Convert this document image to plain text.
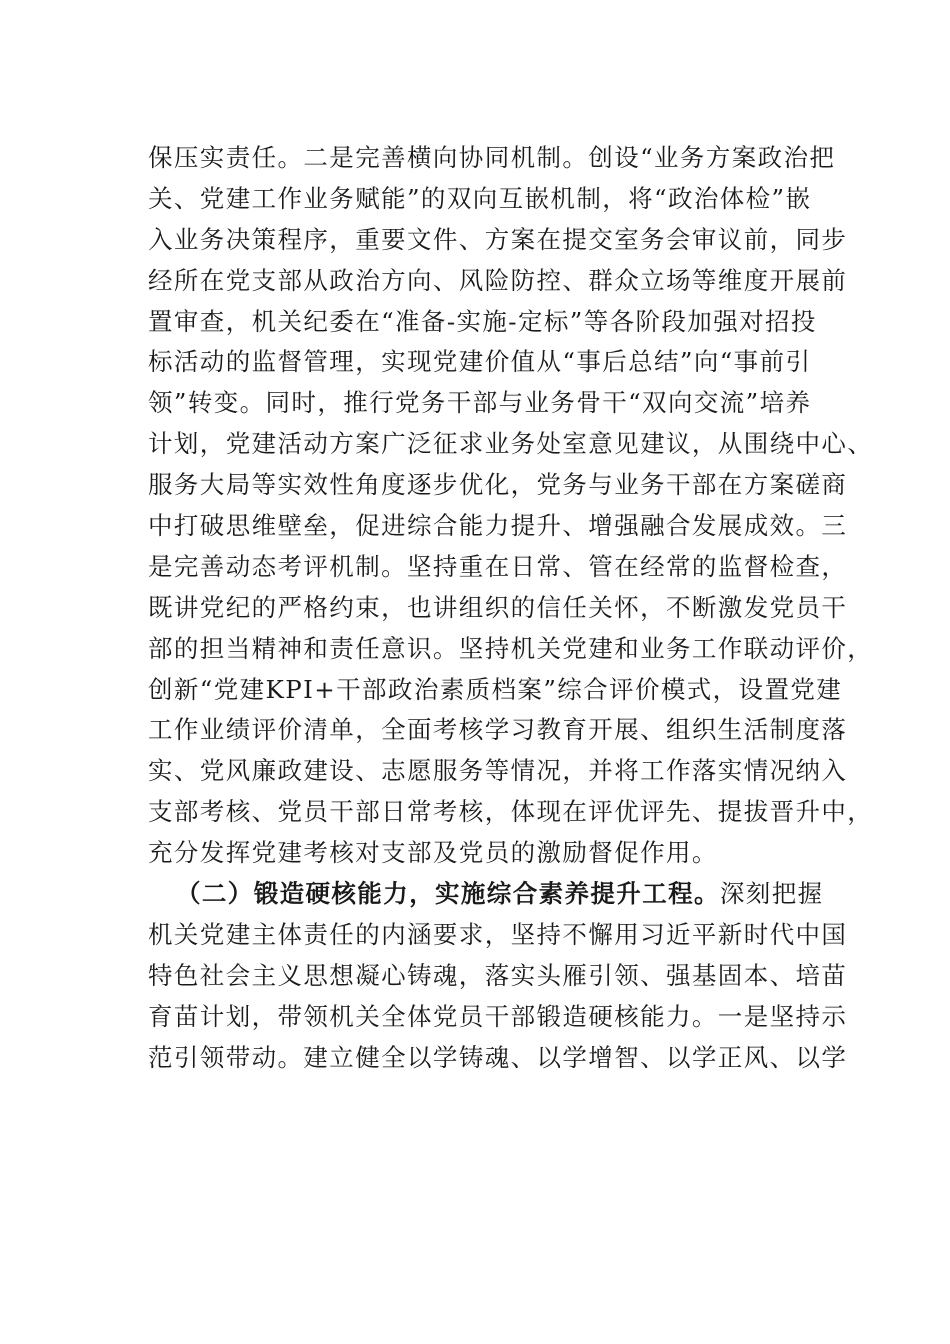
保压实责任。二是完善横向协同机制。创设“业务方案政治把
关、党建工作业务赋能”的双向互嵌机制，将“政治体检”嵌
入业务决策程序，重要文件、方案在提交室务会审议前，同步
经所在党支部从政治方向、风险防控、群众立场等维度开展前
置审查，机关纪委在“准备-实施-定标”等各阶段加强对招投
标活动的监督管理，实现党建价值从“事后总结”向“事前引
领”转变。同时，推行党务干部与业务骨干“双向交流”培养
计划，党建活动方案广泛征求业务处室意见建议，从围绕中心、
服务大局等实效性角度逐步优化，党务与业务干部在方案磋商
中打破思维壁垒，促进综合能力提升、增强融合发展成效。三
是完善动态考评机制。坚持重在日常、管在经常的监督检查，
既讲党纪的严格约束，也讲组织的信任关怀，不断激发党员干
部的担当精神和责任意识。坚持机关党建和业务工作联动评价，
创新“党建KPI+干部政治素质档案”综合评价模式，设置党建
工作业绩评价清单，全面考核学习教育开展、组织生活制度落
实、党风廉政建设、志愿服务等情况，并将工作落实情况纳入
支部考核、党员干部日常考核，体现在评优评先、提拔晋升中，
充分发挥党建考核对支部及党员的激励督促作用。
（二）锻造硬核能力，实施综合素养提升工程。深刻把握
机关党建主体责任的内涵要求，坚持不懈用习近平新时代中国
特色社会主义思想凝心铸魂，落实头雁引领、强基固本、培苗
育苗计划，带领机关全体党员干部锻造硬核能力。一是坚持示
范引领带动。建立健全以学铸魂、以学增智、以学正风、以学
